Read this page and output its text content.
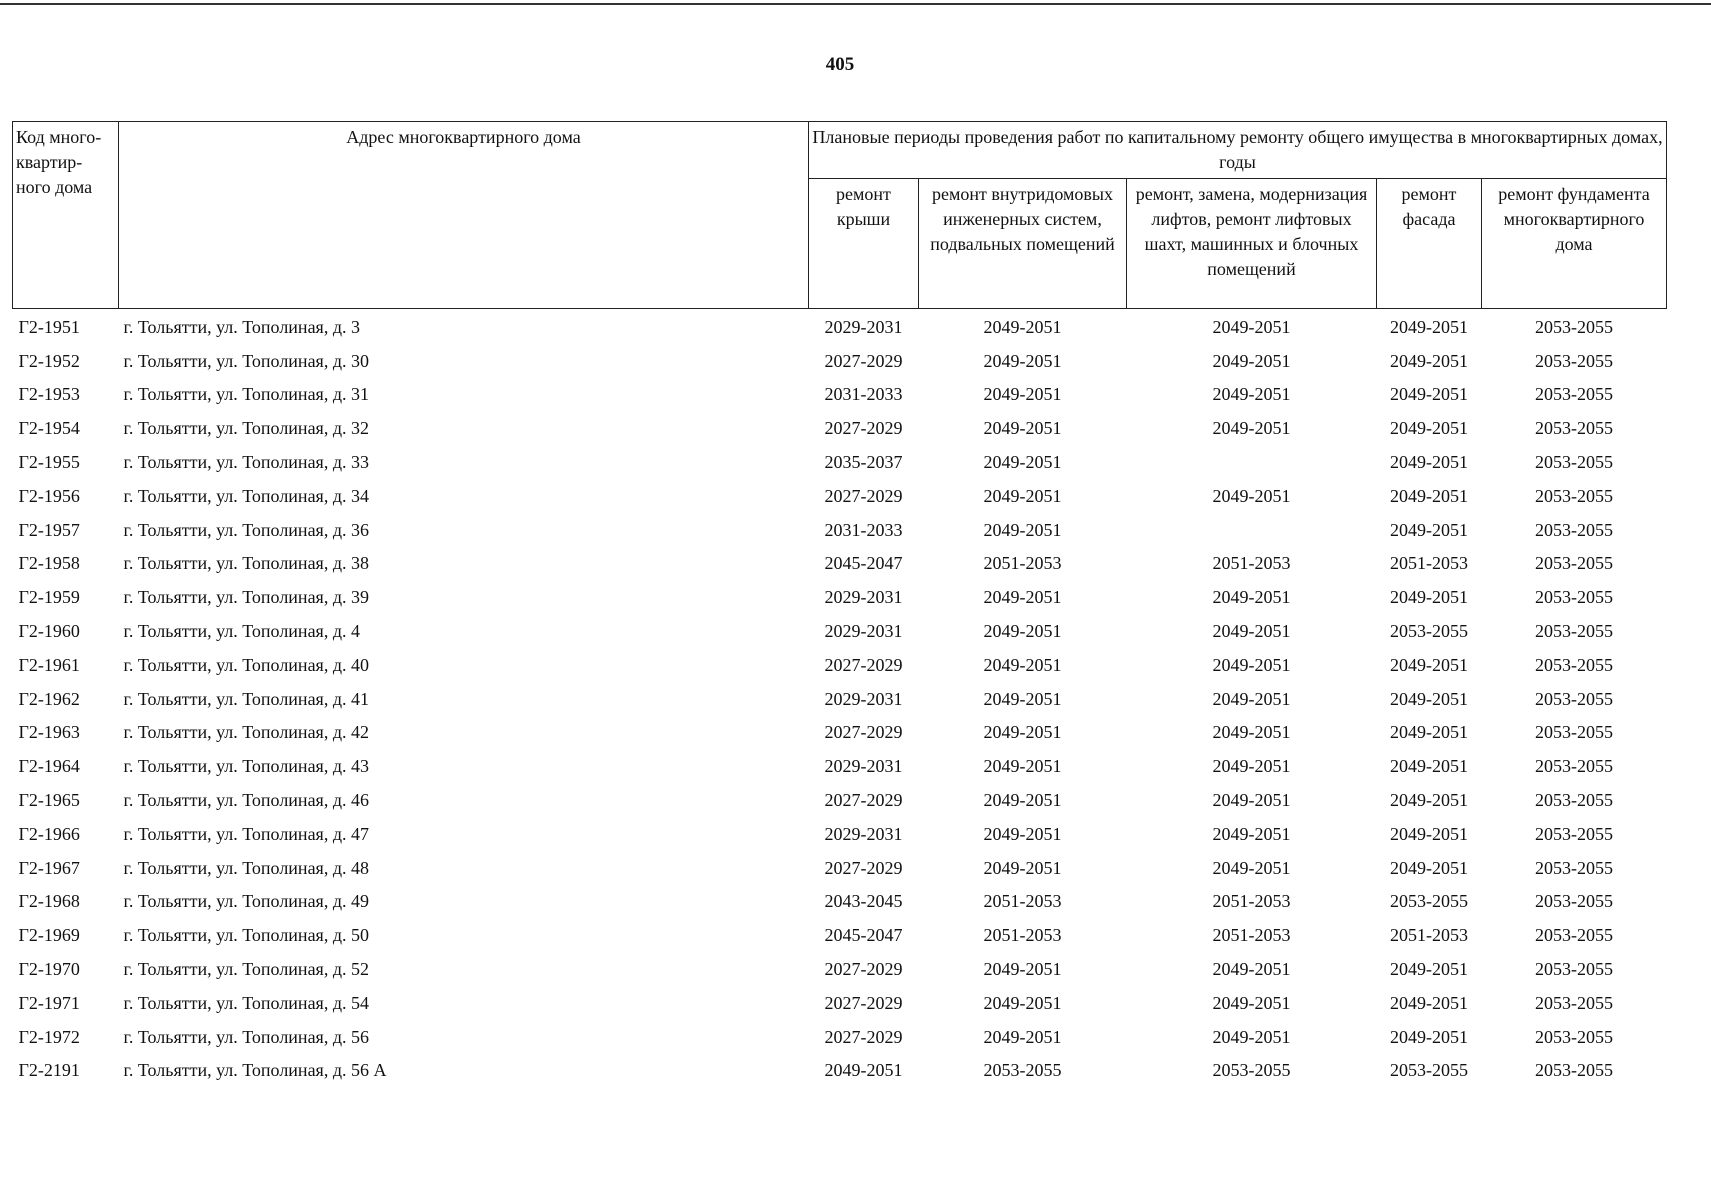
405
Код много-квартир-ного дома	Адрес многоквартирного дома	Плановые периоды проведения работ по капитальному ремонту общего имущества в многоквартирных домах, годы				
		ремонт крыши	ремонт внутридомовых инженерных систем, подвальных помещений	ремонт, замена, модернизация лифтов, ремонт лифтовых шахт, машинных и блочных помещений	ремонт фасада	ремонт фундамента многоквартирного дома
Г2-1951	г. Тольятти, ул. Тополиная, д. 3	2029-2031	2049-2051	2049-2051	2049-2051	2053-2055
Г2-1952	г. Тольятти, ул. Тополиная, д. 30	2027-2029	2049-2051	2049-2051	2049-2051	2053-2055
Г2-1953	г. Тольятти, ул. Тополиная, д. 31	2031-2033	2049-2051	2049-2051	2049-2051	2053-2055
Г2-1954	г. Тольятти, ул. Тополиная, д. 32	2027-2029	2049-2051	2049-2051	2049-2051	2053-2055
Г2-1955	г. Тольятти, ул. Тополиная, д. 33	2035-2037	2049-2051		2049-2051	2053-2055
Г2-1956	г. Тольятти, ул. Тополиная, д. 34	2027-2029	2049-2051	2049-2051	2049-2051	2053-2055
Г2-1957	г. Тольятти, ул. Тополиная, д. 36	2031-2033	2049-2051		2049-2051	2053-2055
Г2-1958	г. Тольятти, ул. Тополиная, д. 38	2045-2047	2051-2053	2051-2053	2051-2053	2053-2055
Г2-1959	г. Тольятти, ул. Тополиная, д. 39	2029-2031	2049-2051	2049-2051	2049-2051	2053-2055
Г2-1960	г. Тольятти, ул. Тополиная, д. 4	2029-2031	2049-2051	2049-2051	2053-2055	2053-2055
Г2-1961	г. Тольятти, ул. Тополиная, д. 40	2027-2029	2049-2051	2049-2051	2049-2051	2053-2055
Г2-1962	г. Тольятти, ул. Тополиная, д. 41	2029-2031	2049-2051	2049-2051	2049-2051	2053-2055
Г2-1963	г. Тольятти, ул. Тополиная, д. 42	2027-2029	2049-2051	2049-2051	2049-2051	2053-2055
Г2-1964	г. Тольятти, ул. Тополиная, д. 43	2029-2031	2049-2051	2049-2051	2049-2051	2053-2055
Г2-1965	г. Тольятти, ул. Тополиная, д. 46	2027-2029	2049-2051	2049-2051	2049-2051	2053-2055
Г2-1966	г. Тольятти, ул. Тополиная, д. 47	2029-2031	2049-2051	2049-2051	2049-2051	2053-2055
Г2-1967	г. Тольятти, ул. Тополиная, д. 48	2027-2029	2049-2051	2049-2051	2049-2051	2053-2055
Г2-1968	г. Тольятти, ул. Тополиная, д. 49	2043-2045	2051-2053	2051-2053	2053-2055	2053-2055
Г2-1969	г. Тольятти, ул. Тополиная, д. 50	2045-2047	2051-2053	2051-2053	2051-2053	2053-2055
Г2-1970	г. Тольятти, ул. Тополиная, д. 52	2027-2029	2049-2051	2049-2051	2049-2051	2053-2055
Г2-1971	г. Тольятти, ул. Тополиная, д. 54	2027-2029	2049-2051	2049-2051	2049-2051	2053-2055
Г2-1972	г. Тольятти, ул. Тополиная, д. 56	2027-2029	2049-2051	2049-2051	2049-2051	2053-2055
Г2-2191	г. Тольятти, ул. Тополиная, д. 56 А	2049-2051	2053-2055	2053-2055	2053-2055	2053-2055
